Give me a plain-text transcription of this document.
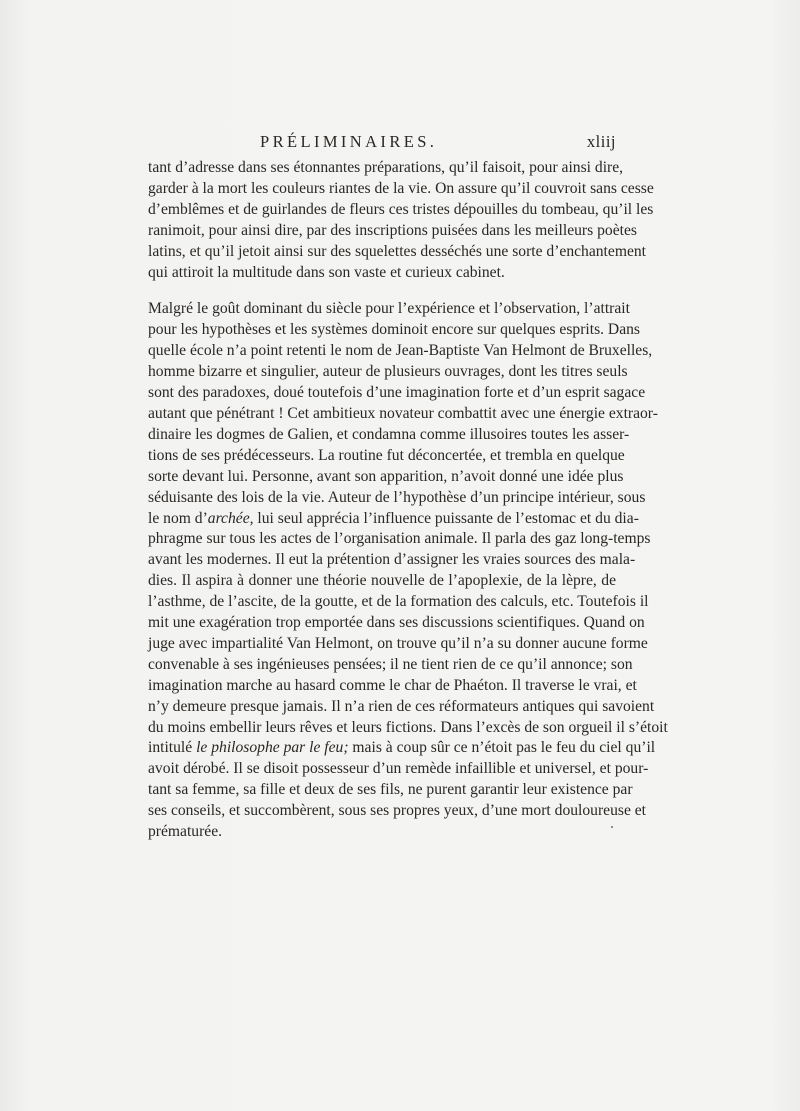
PRÉLIMINAIRES.	xliij

tant d’adresse dans ses étonnantes préparations, qu’il faisoit, pour ainsi dire,
garder à la mort les couleurs riantes de la vie. On assure qu’il couvroit sans cesse
d’emblêmes et de guirlandes de fleurs ces tristes dépouilles du tombeau, qu’il les
ranimoit, pour ainsi dire, par des inscriptions puisées dans les meilleurs poètes
latins, et qu’il jetoit ainsi sur des squelettes desséchés une sorte d’enchantement
qui attiroit la multitude dans son vaste et curieux cabinet.

Malgré le goût dominant du siècle pour l’expérience et l’observation, l’attrait
pour les hypothèses et les systèmes dominoit encore sur quelques esprits. Dans
quelle école n’a point retenti le nom de Jean-Baptiste Van Helmont de Bruxelles,
homme bizarre et singulier, auteur de plusieurs ouvrages, dont les titres seuls
sont des paradoxes, doué toutefois d’une imagination forte et d’un esprit sagace
autant que pénétrant ! Cet ambitieux novateur combattit avec une énergie extraor-
dinaire les dogmes de Galien, et condamna comme illusoires toutes les asser-
tions de ses prédécesseurs. La routine fut déconcertée, et trembla en quelque
sorte devant lui. Personne, avant son apparition, n’avoit donné une idée plus
séduisante des lois de la vie. Auteur de l’hypothèse d’un principe intérieur, sous
le nom d’archée, lui seul apprécia l’influence puissante de l’estomac et du dia-
phragme sur tous les actes de l’organisation animale. Il parla des gaz long-temps
avant les modernes. Il eut la prétention d’assigner les vraies sources des mala-
dies. Il aspira à donner une théorie nouvelle de l’apoplexie, de la lèpre, de
l’asthme, de l’ascite, de la goutte, et de la formation des calculs, etc. Toutefois il
mit une exagération trop emportée dans ses discussions scientifiques. Quand on
juge avec impartialité Van Helmont, on trouve qu’il n’a su donner aucune forme
convenable à ses ingénieuses pensées; il ne tient rien de ce qu’il annonce; son
imagination marche au hasard comme le char de Phaéton. Il traverse le vrai, et
n’y demeure presque jamais. Il n’a rien de ces réformateurs antiques qui savoient
du moins embellir leurs rêves et leurs fictions. Dans l’excès de son orgueil il s’étoit
intitulé le philosophe par le feu; mais à coup sûr ce n’étoit pas le feu du ciel qu’il
avoit dérobé. Il se disoit possesseur d’un remède infaillible et universel, et pour-
tant sa femme, sa fille et deux de ses fils, ne purent garantir leur existence par
ses conseils, et succombèrent, sous ses propres yeux, d’une mort douloureuse et
prématurée.
